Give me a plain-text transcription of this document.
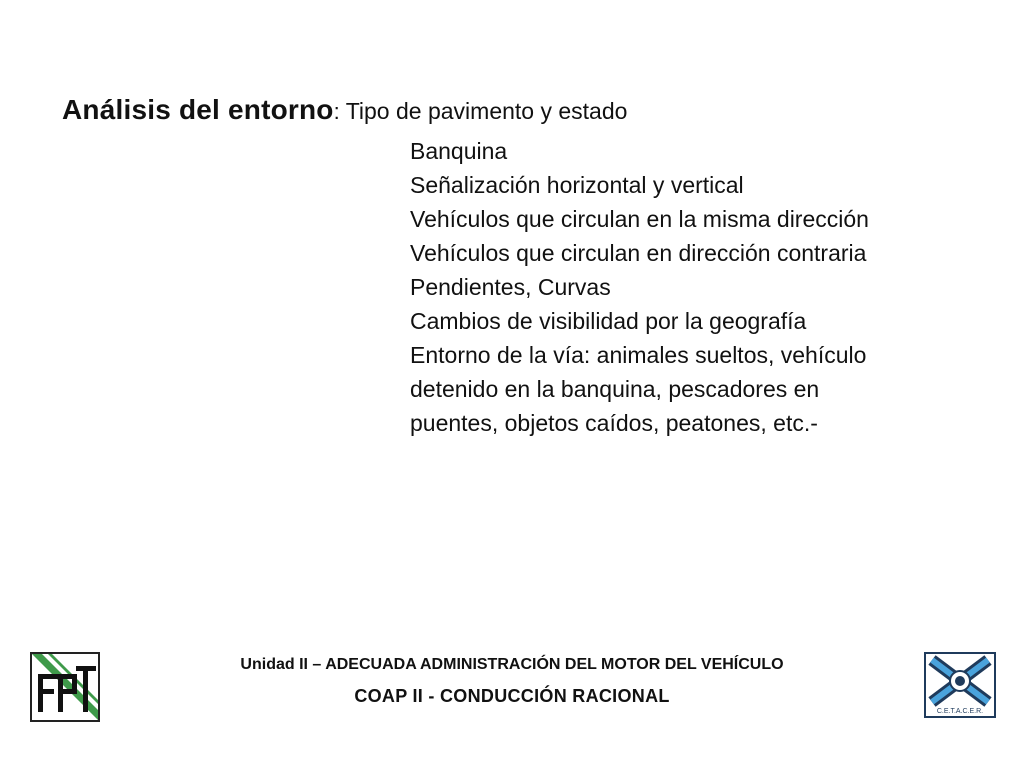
Análisis del entorno: Tipo de pavimento y estado
Banquina
Señalización horizontal y vertical
Vehículos que circulan en la misma dirección
Vehículos que circulan en dirección contraria
Pendientes, Curvas
Cambios de visibilidad por la geografía
Entorno de la vía: animales sueltos, vehículo
detenido en la banquina, pescadores en
puentes, objetos caídos, peatones, etc.-
Unidad II – ADECUADA ADMINISTRACIÓN DEL MOTOR DEL VEHÍCULO
COAP II - CONDUCCIÓN RACIONAL
C.E.T.A.C.E.R.
